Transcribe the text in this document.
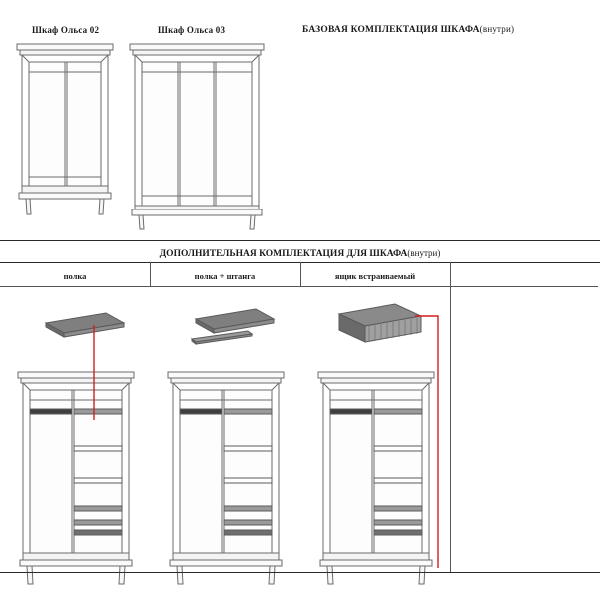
Шкаф Ольса 02	Шкаф Ольса 03	БАЗОВАЯ КОМПЛЕКТАЦИЯ ШКАФА(внутри)
ДОПОЛНИТЕЛЬНАЯ КОМПЛЕКТАЦИЯ ДЛЯ ШКАФА(внутри)
полка	полка + штанга	ящик встраиваемый
